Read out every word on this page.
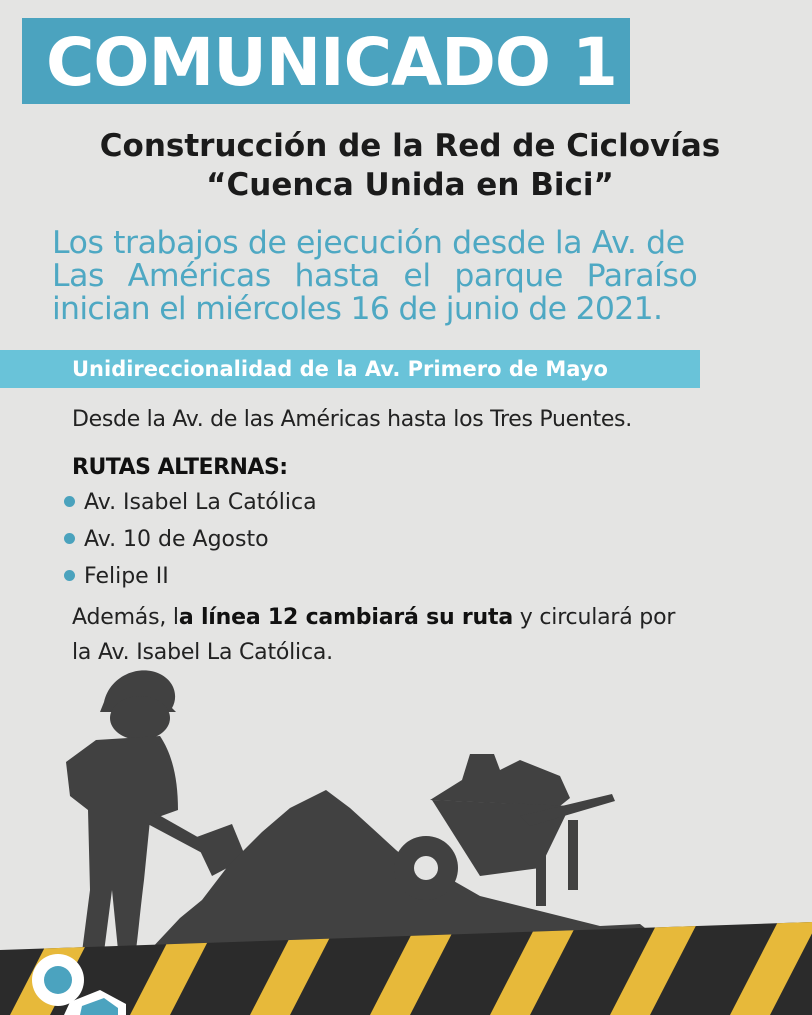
COMUNICADO 1
Construcción de la Red de Ciclovías
“Cuenca Unida en Bici”
Los trabajos de ejecución desde la Av. de
Las Américas hasta el parque Paraíso
inician el miércoles 16 de junio de 2021.
Unidireccionalidad de la Av. Primero de Mayo
Desde la Av. de las Américas hasta los Tres Puentes.
RUTAS ALTERNAS:
Av. Isabel La Católica
Av. 10 de Agosto
Felipe II
Además, la línea 12 cambiará su ruta y circulará por
la Av. Isabel La Católica.
